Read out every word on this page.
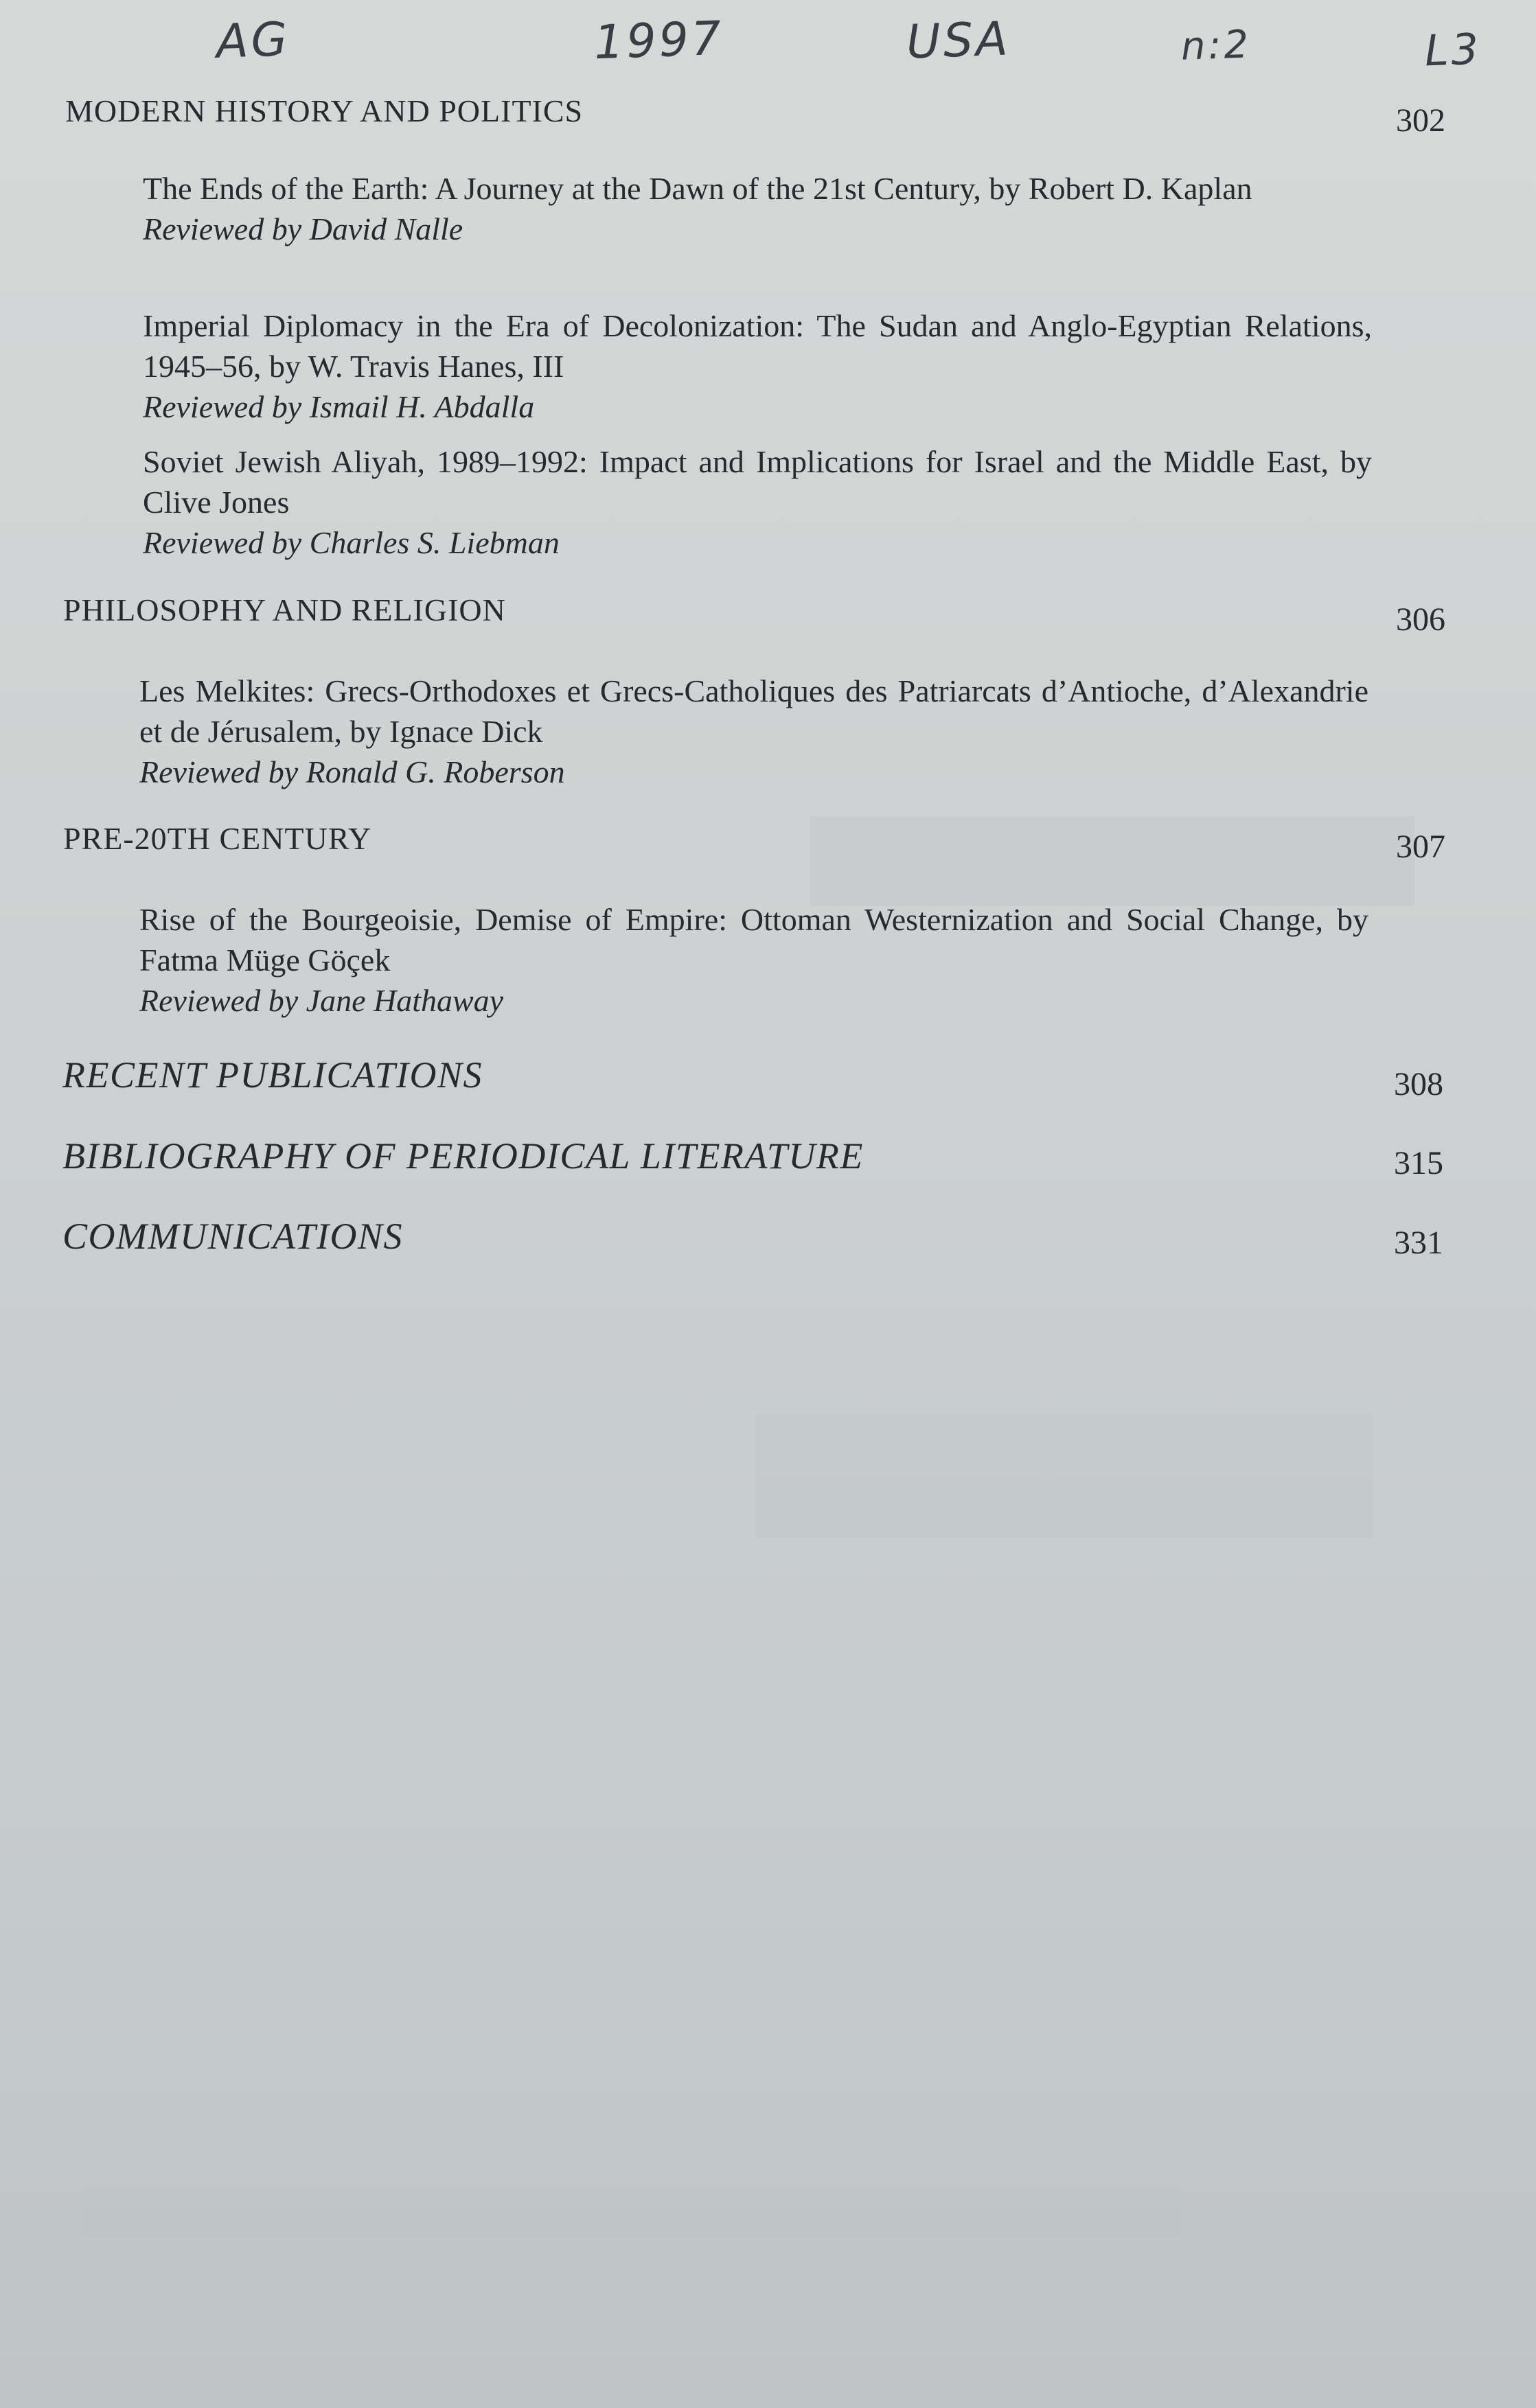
AG	1997	USA	n:2	L3
MODERN HISTORY AND POLITICS	302
The Ends of the Earth: A Journey at the Dawn of the 21st Century, by Robert D. Kaplan
Reviewed by David Nalle
Imperial Diplomacy in the Era of Decolonization: The Sudan and Anglo-Egyptian Relations, 1945–56, by W. Travis Hanes, III
Reviewed by Ismail H. Abdalla
Soviet Jewish Aliyah, 1989–1992: Impact and Implications for Israel and the Middle East, by Clive Jones
Reviewed by Charles S. Liebman
PHILOSOPHY AND RELIGION	306
Les Melkites: Grecs-Orthodoxes et Grecs-Catholiques des Patriarcats d’Antioche, d’Alexandrie et de Jérusalem, by Ignace Dick
Reviewed by Ronald G. Roberson
PRE-20TH CENTURY	307
Rise of the Bourgeoisie, Demise of Empire: Ottoman Westernization and Social Change, by Fatma Müge Göçek
Reviewed by Jane Hathaway
RECENT PUBLICATIONS	308
BIBLIOGRAPHY OF PERIODICAL LITERATURE	315
COMMUNICATIONS	331
